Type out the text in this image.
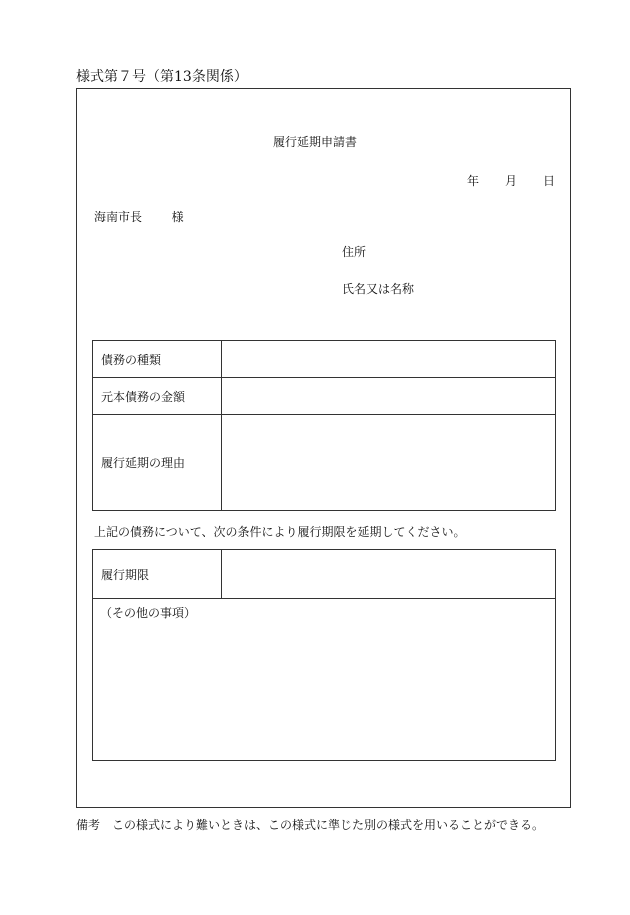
様式第７号（第13条関係）
履行延期申請書
年 月 日
海南市長 様
住所
氏名又は名称
債務の種類	
元本債務の金額	
履行延期の理由	
上記の債務について、次の条件により履行期限を延期してください。
履行期限	
（その他の事項）
備考　この様式により難いときは、この様式に準じた別の様式を用いることができる。
